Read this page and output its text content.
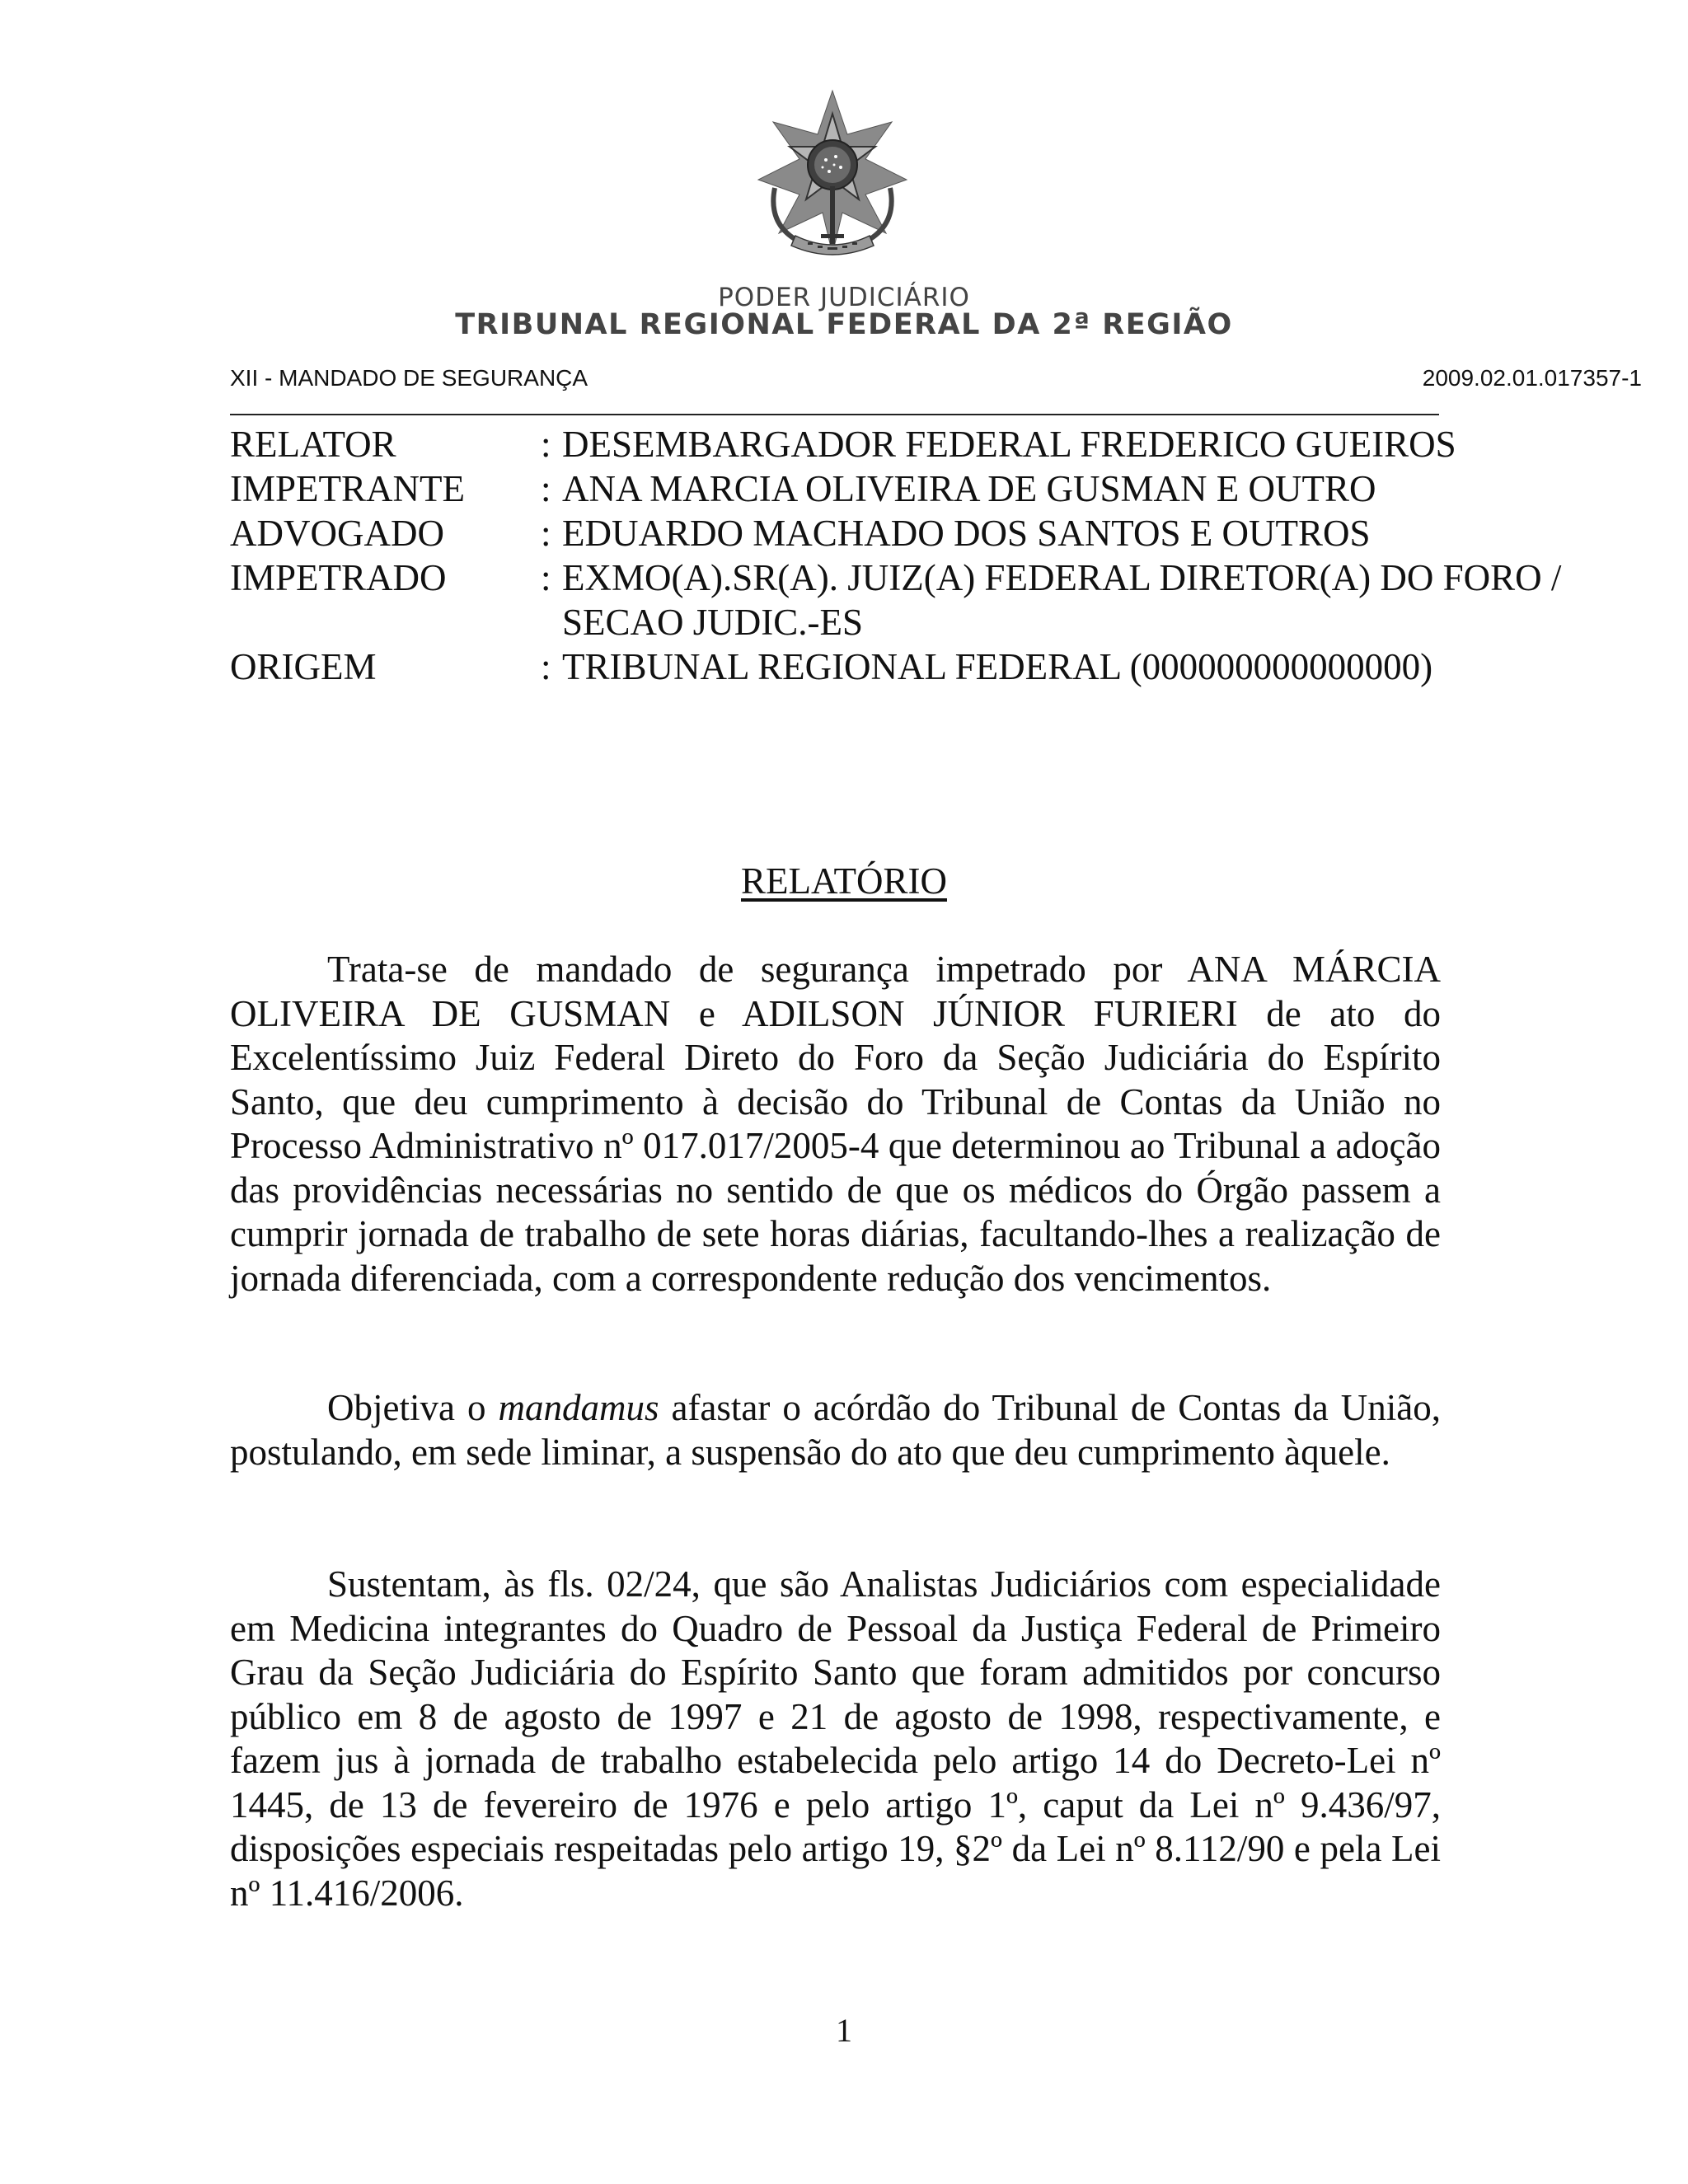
PODER JUDICIÁRIO
TRIBUNAL REGIONAL FEDERAL DA 2ª REGIÃO
XII - MANDADO DE SEGURANÇA	2009.02.01.017357-1
RELATOR	: DESEMBARGADOR FEDERAL FREDERICO GUEIROS
IMPETRANTE	: ANA MARCIA OLIVEIRA DE GUSMAN E OUTRO
ADVOGADO	: EDUARDO MACHADO DOS SANTOS E OUTROS
IMPETRADO	: EXMO(A).SR(A). JUIZ(A) FEDERAL DIRETOR(A) DO FORO / SECAO JUDIC.-ES
ORIGEM	: TRIBUNAL REGIONAL FEDERAL (000000000000000)
RELATÓRIO

Trata-se de mandado de segurança impetrado por ANA MÁRCIA OLIVEIRA DE GUSMAN e ADILSON JÚNIOR FURIERI de ato do Excelentíssimo Juiz Federal Direto do Foro da Seção Judiciária do Espírito Santo, que deu cumprimento à decisão do Tribunal de Contas da União no Processo Administrativo nº 017.017/2005-4 que determinou ao Tribunal a adoção das providências necessárias no sentido de que os médicos do Órgão passem a cumprir jornada de trabalho de sete horas diárias, facultando-lhes a realização de jornada diferenciada, com a correspondente redução dos vencimentos.

Objetiva o mandamus afastar o acórdão do Tribunal de Contas da União, postulando, em sede liminar, a suspensão do ato que deu cumprimento àquele.

Sustentam, às fls. 02/24, que são Analistas Judiciários com especialidade em Medicina integrantes do Quadro de Pessoal da Justiça Federal de Primeiro Grau da Seção Judiciária do Espírito Santo que foram admitidos por concurso público em 8 de agosto de 1997 e 21 de agosto de 1998, respectivamente, e fazem jus à jornada de trabalho estabelecida pelo artigo 14 do Decreto-Lei nº 1445, de 13 de fevereiro de 1976 e pelo artigo 1º, caput da Lei nº 9.436/97, disposições especiais respeitadas pelo artigo 19, §2º da Lei nº 8.112/90 e pela Lei nº 11.416/2006.

1
